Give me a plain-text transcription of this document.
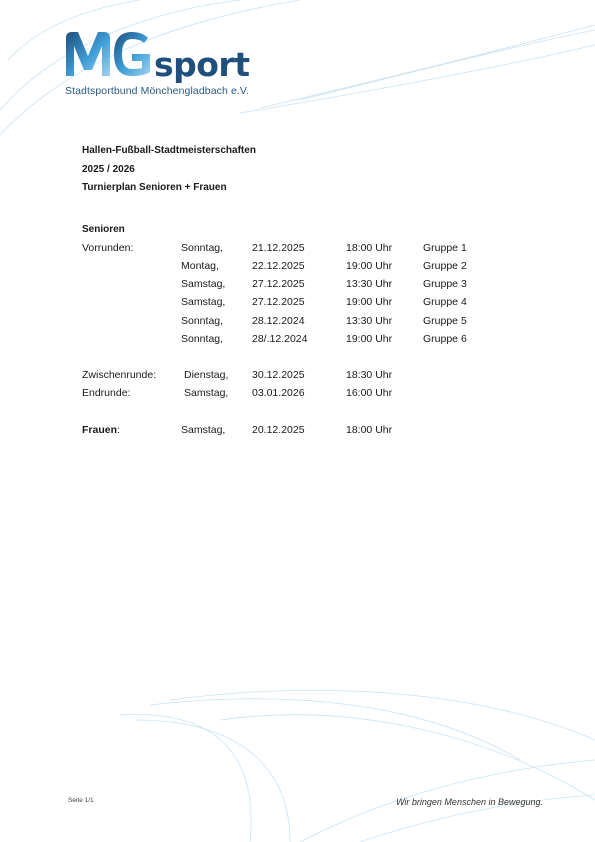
sport
Stadtsportbund Mönchengladbach e.V.
Hallen-Fußball-Stadtmeisterschaften
2025 / 2026
Turnierplan Senioren + Frauen
Senioren
Vorrunden:	Sonntag,	21.12.2025	18:00 Uhr	Gruppe 1
Montag,	22.12.2025	19:00 Uhr	Gruppe 2
Samstag,	27.12.2025	13:30 Uhr	Gruppe 3
Samstag,	27.12.2025	19:00 Uhr	Gruppe 4
Sonntag,	28.12.2024	13:30 Uhr	Gruppe 5
Sonntag,	28/.12.2024	19:00 Uhr	Gruppe 6
Zwischenrunde:	Dienstag, 30.12.2025	18:30 Uhr
Endrunde:	Samstag, 03.01.2026	16:00 Uhr
Frauen:	Samstag,	20.12.2025	18:00 Uhr
Seite 1/1	Wir bringen Menschen in Bewegung.
